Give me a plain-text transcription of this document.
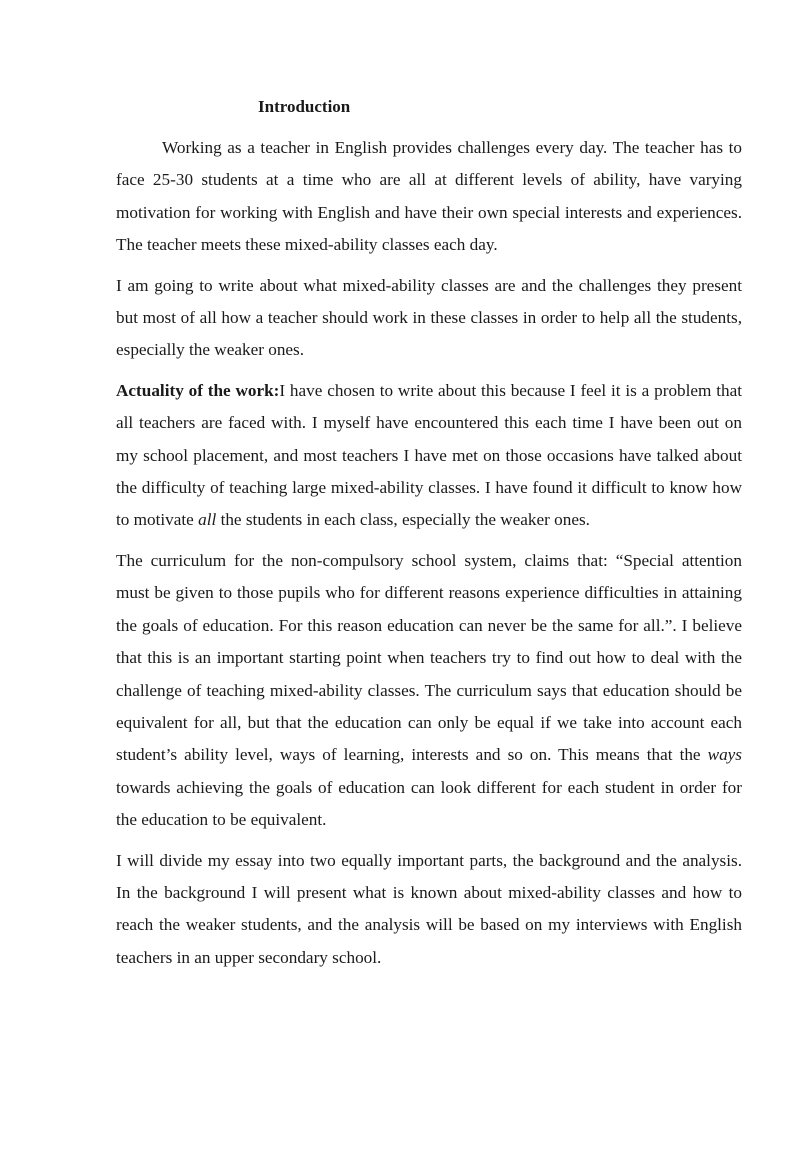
Introduction

Working as a teacher in English provides challenges every day. The teacher has to face 25-30 students at a time who are all at different levels of ability, have varying motivation for working with English and have their own special interests and experiences. The teacher meets these mixed-ability classes each day.

I am going to write about what mixed-ability classes are and the challenges they present but most of all how a teacher should work in these classes in order to help all the students, especially the weaker ones.

Actuality of the work:I have chosen to write about this because I feel it is a problem that all teachers are faced with. I myself have encountered this each time I have been out on my school placement, and most teachers I have met on those occasions have talked about the difficulty of teaching large mixed-ability classes. I have found it difficult to know how to motivate all the students in each class, especially the weaker ones.

The curriculum for the non-compulsory school system, claims that: “Special attention must be given to those pupils who for different reasons experience difficulties in attaining the goals of education. For this reason education can never be the same for all.”. I believe that this is an important starting point when teachers try to find out how to deal with the challenge of teaching mixed-ability classes. The curriculum says that education should be equivalent for all, but that the education can only be equal if we take into account each student’s ability level, ways of learning, interests and so on. This means that the ways towards achieving the goals of education can look different for each student in order for the education to be equivalent.

I will divide my essay into two equally important parts, the background and the analysis. In the background I will present what is known about mixed-ability classes and how to reach the weaker students, and the analysis will be based on my interviews with English teachers in an upper secondary school.
